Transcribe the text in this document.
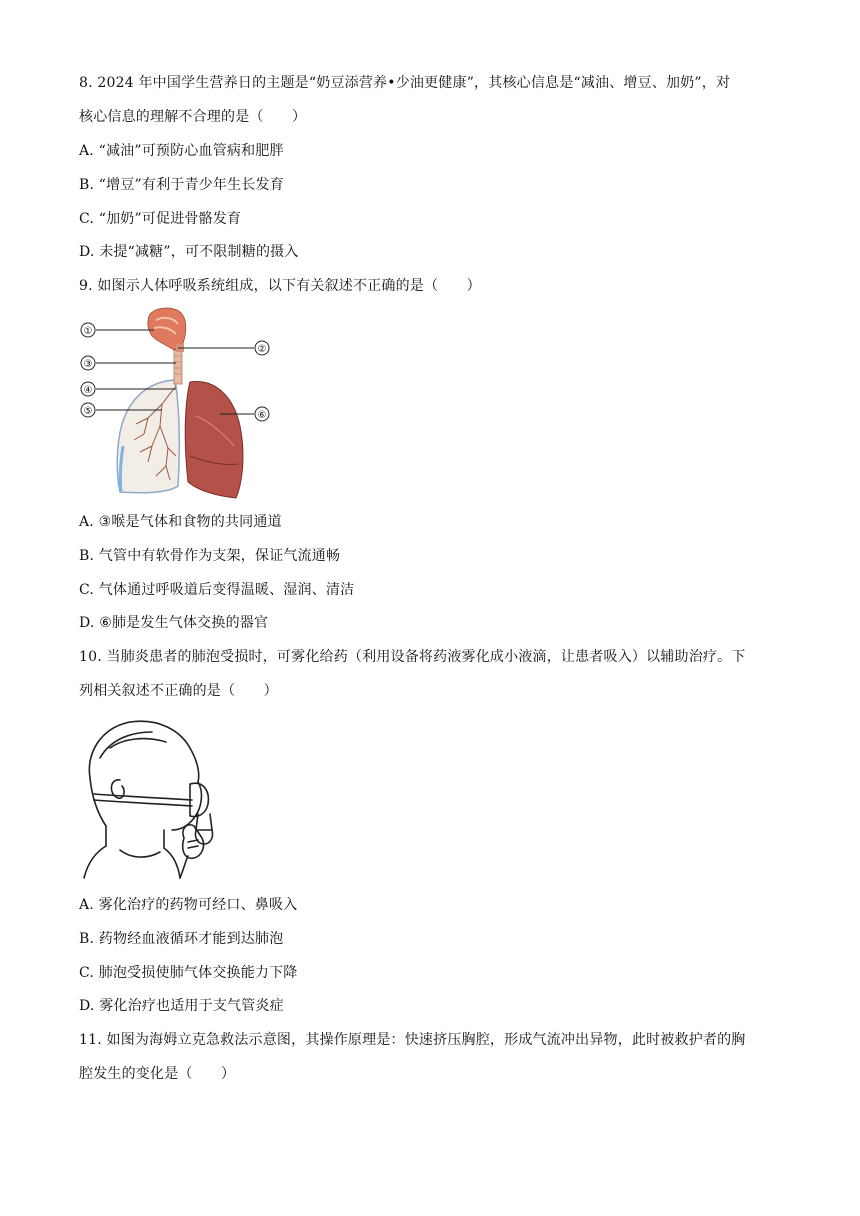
8. 2024 年中国学生营养日的主题是“奶豆添营养•少油更健康”，其核心信息是“减油、增豆、加奶”，对
核心信息的理解不合理的是（　　）
A. “减油”可预防心血管病和肥胖
B. “增豆”有利于青少年生长发育
C. “加奶”可促进骨骼发育
D. 未提“减糖”，可不限制糖的摄入
9. 如图示人体呼吸系统组成，以下有关叙述不正确的是（　　）
①
②
③
④
⑤	⑥
A. ③喉是气体和食物的共同通道
B. 气管中有软骨作为支架，保证气流通畅
C. 气体通过呼吸道后变得温暖、湿润、清洁
D. ⑥肺是发生气体交换的器官
10. 当肺炎患者的肺泡受损时，可雾化给药（利用设备将药液雾化成小液滴，让患者吸入）以辅助治疗。下
列相关叙述不正确的是（　　）
A. 雾化治疗的药物可经口、鼻吸入
B. 药物经血液循环才能到达肺泡
C. 肺泡受损使肺气体交换能力下降
D. 雾化治疗也适用于支气管炎症
11. 如图为海姆立克急救法示意图，其操作原理是：快速挤压胸腔，形成气流冲出异物，此时被救护者的胸
腔发生的变化是（　　）
